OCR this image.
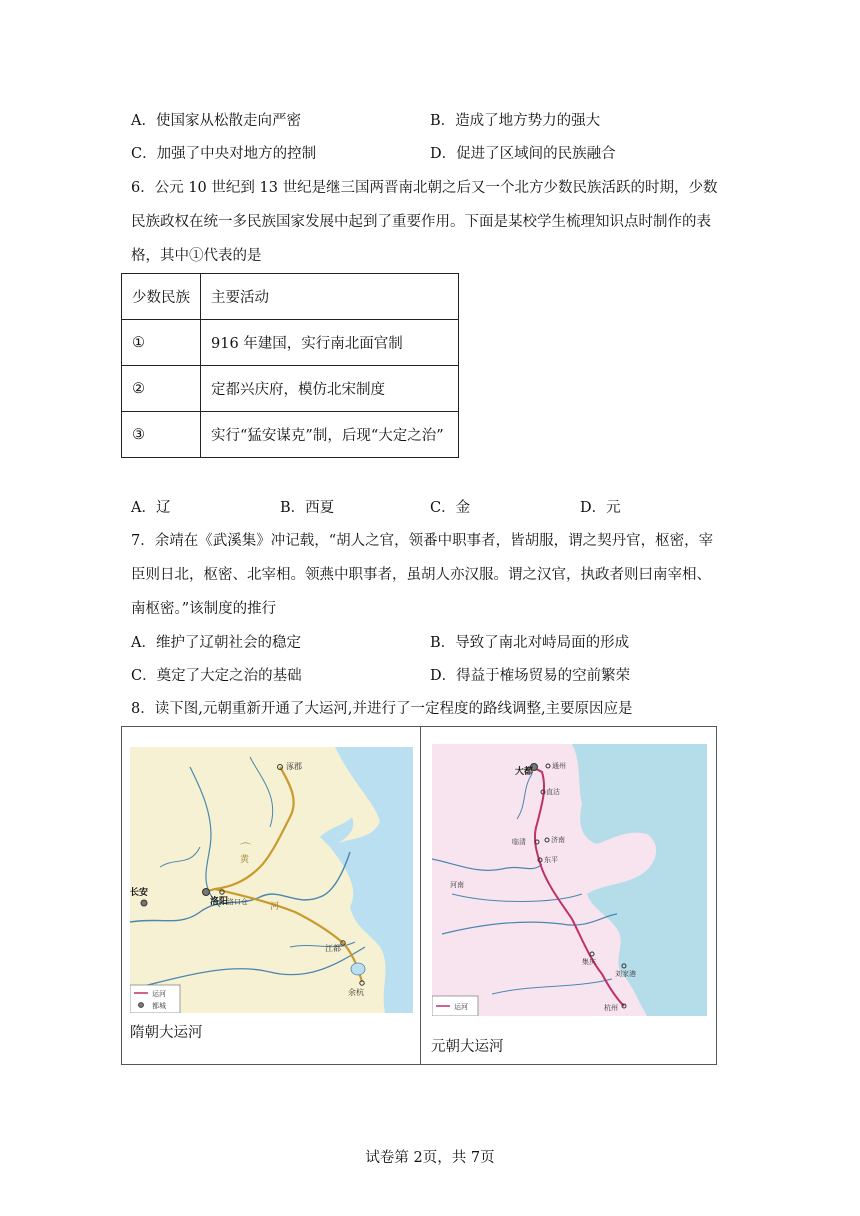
A．使国家从松散走向严密	B．造成了地方势力的强大
C．加强了中央对地方的控制	D．促进了区域间的民族融合
6．公元 10 世纪到 13 世纪是继三国两晋南北朝之后又一个北方少数民族活跃的时期，少数
民族政权在统一多民族国家发展中起到了重要作用。下面是某校学生梳理知识点时制作的表
格，其中①代表的是
少数民族	主要活动
①	916 年建国，实行南北面官制
②	定都兴庆府，模仿北宋制度
③	实行“猛安谋克”制，后现“大定之治”
A．辽	B．西夏	C．金	D．元
7．余靖在《武溪集》冲记载，“胡人之官，领番中职事者，皆胡服，谓之契丹官，枢密，宰
臣则日北，枢密、北宰相。领燕中职事者，虽胡人亦汉服。谓之汉官，执政者则曰南宰相、
南枢密。”该制度的推行
A．维护了辽朝社会的稳定	B．导致了南北对峙局面的形成
C．奠定了大定之治的基础	D．得益于榷场贸易的空前繁荣
8．读下图,元朝重新开通了大运河,并进行了一定程度的路线调整,主要原因应是
⌒
涿郡
长安
洛阳
洛口仓
江都
余杭
黄
河
运河
都城
隋朝大运河
大都
通州
直沽
临清	济南
东平
河南
集庆
刘家港
杭州
运河
元朝大运河
试卷第 2页，共 7页
